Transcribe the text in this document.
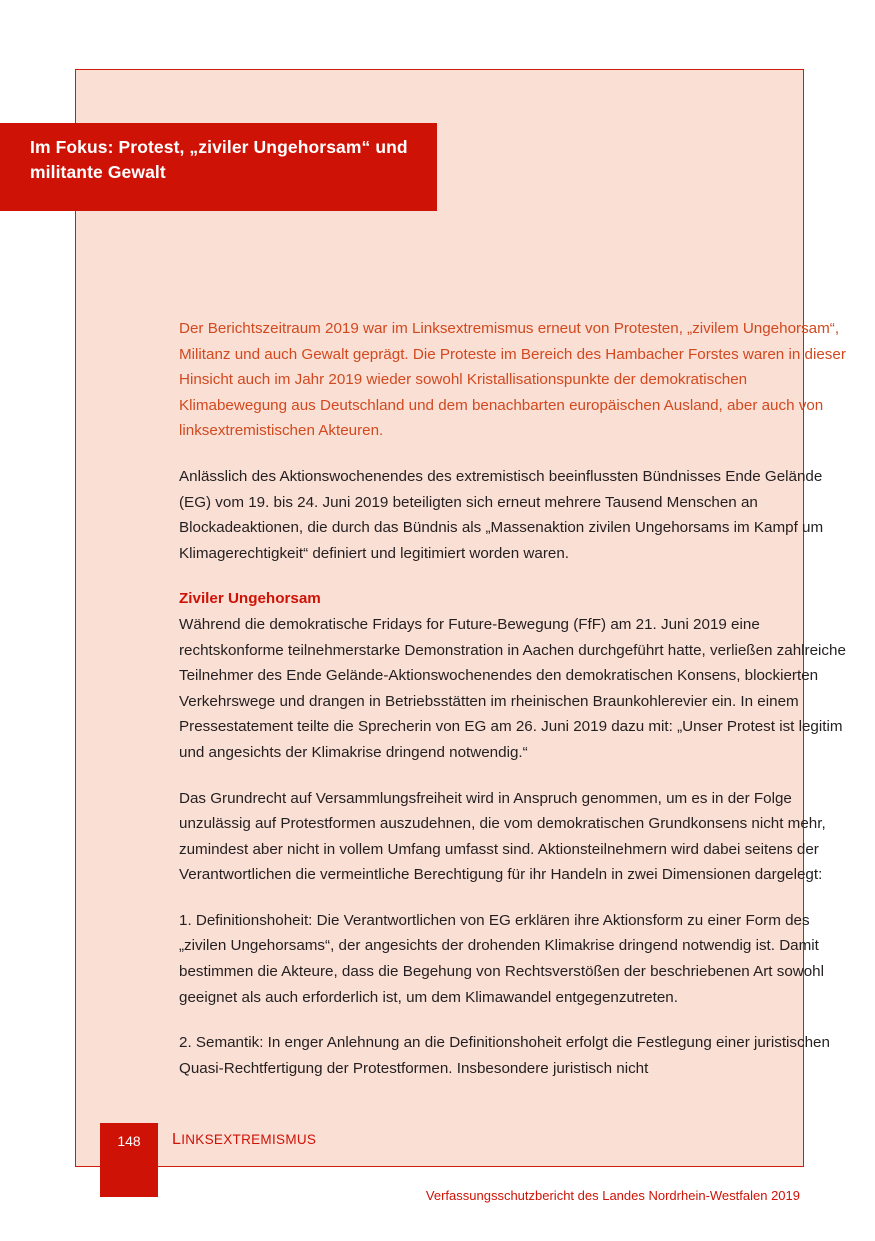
Der Berichtszeitraum 2019 war im Linksextremismus erneut von Protesten, „zivilem Ungehorsam“, Militanz und auch Gewalt geprägt. Die Proteste im Bereich des Hambacher Forstes waren in dieser Hinsicht auch im Jahr 2019 wieder sowohl Kristallisationspunkte der demokratischen Klimabewegung aus Deutschland und dem benachbarten europäischen Ausland, aber auch von linksextremistischen Akteuren.

Anlässlich des Aktionswochenendes des extremistisch beeinflussten Bündnisses Ende Gelände (EG) vom 19. bis 24. Juni 2019 beteiligten sich erneut mehrere Tausend Menschen an Blockadeaktionen, die durch das Bündnis als „Massenaktion zivilen Ungehorsams im Kampf um Klimagerechtigkeit“ definiert und legitimiert worden waren.

Ziviler Ungehorsam

Während die demokratische Fridays for Future-Bewegung (FfF) am 21. Juni 2019 eine rechtskonforme teilnehmerstarke Demonstration in Aachen durchgeführt hatte, verließen zahlreiche Teilnehmer des Ende Gelände-Aktionswochenendes den demokratischen Konsens, blockierten Verkehrswege und drangen in Betriebsstätten im rheinischen Braunkohlerevier ein. In einem Pressestatement teilte die Sprecherin von EG am 26. Juni 2019 dazu mit: „Unser Protest ist legitim und angesichts der Klimakrise dringend notwendig.“

Das Grundrecht auf Versammlungsfreiheit wird in Anspruch genommen, um es in der Folge unzulässig auf Protestformen auszudehnen, die vom demokratischen Grundkonsens nicht mehr, zumindest aber nicht in vollem Umfang umfasst sind. Aktionsteilnehmern wird dabei seitens der Verantwortlichen die vermeintliche Berechtigung für ihr Handeln in zwei Dimensionen dargelegt:

1. Definitionshoheit: Die Verantwortlichen von EG erklären ihre Aktionsform zu einer Form des „zivilen Ungehorsams“, der angesichts der drohenden Klimakrise dringend notwendig ist. Damit bestimmen die Akteure, dass die Begehung von Rechtsverstößen der beschriebenen Art sowohl geeignet als auch erforderlich ist, um dem Klimawandel entgegenzutreten.

2. Semantik: In enger Anlehnung an die Definitionshoheit erfolgt die Festlegung einer juristischen Quasi-Rechtfertigung der Protestformen. Insbesondere juristisch nicht

Im Fokus: Protest, „ziviler Ungehorsam“ und militante Gewalt
148	LINKSEXTREMISMUS
Verfassungsschutzbericht des Landes Nordrhein-Westfalen 2019
